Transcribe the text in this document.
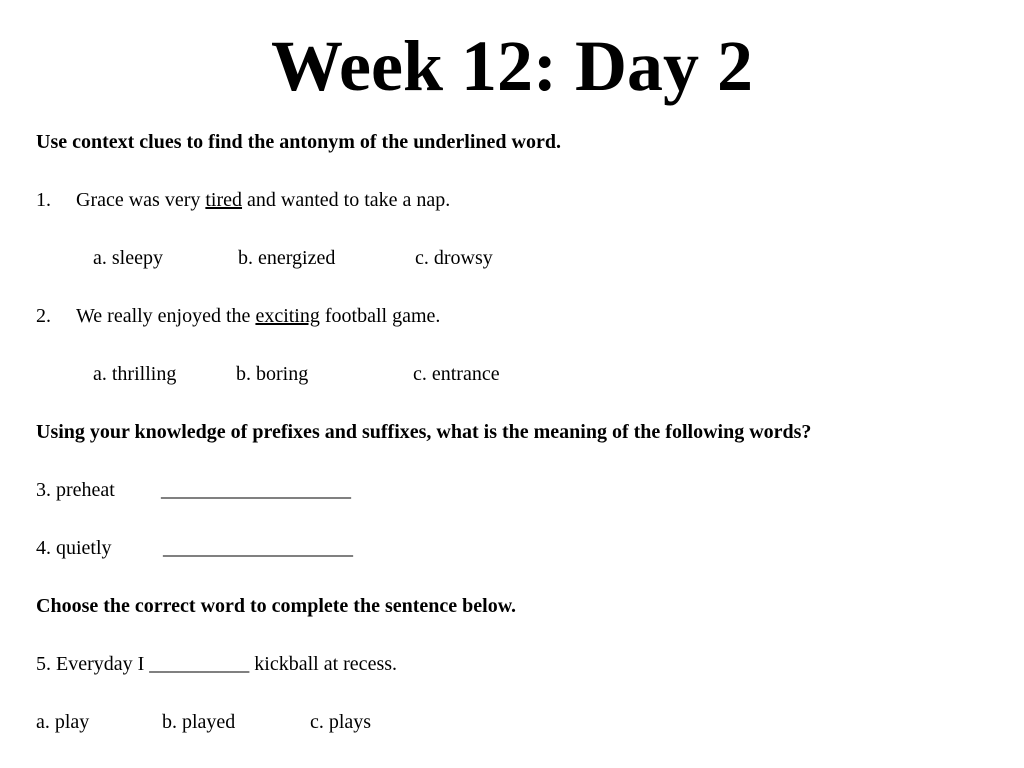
Week 12: Day 2
Use context clues to find the antonym of the underlined word.
1. Grace was very tired and wanted to take a nap.
a. sleepy	b. energized	c. drowsy
2. We really enjoyed the exciting football game.
a. thrilling	b. boring	c. entrance
Using your knowledge of prefixes and suffixes, what is the meaning of the following words?
3. preheat ___________________
4. quietly	___________________
Choose the correct word to complete the sentence below.
5. Everyday I __________ kickball at recess.
a. play	b. played	c. plays
